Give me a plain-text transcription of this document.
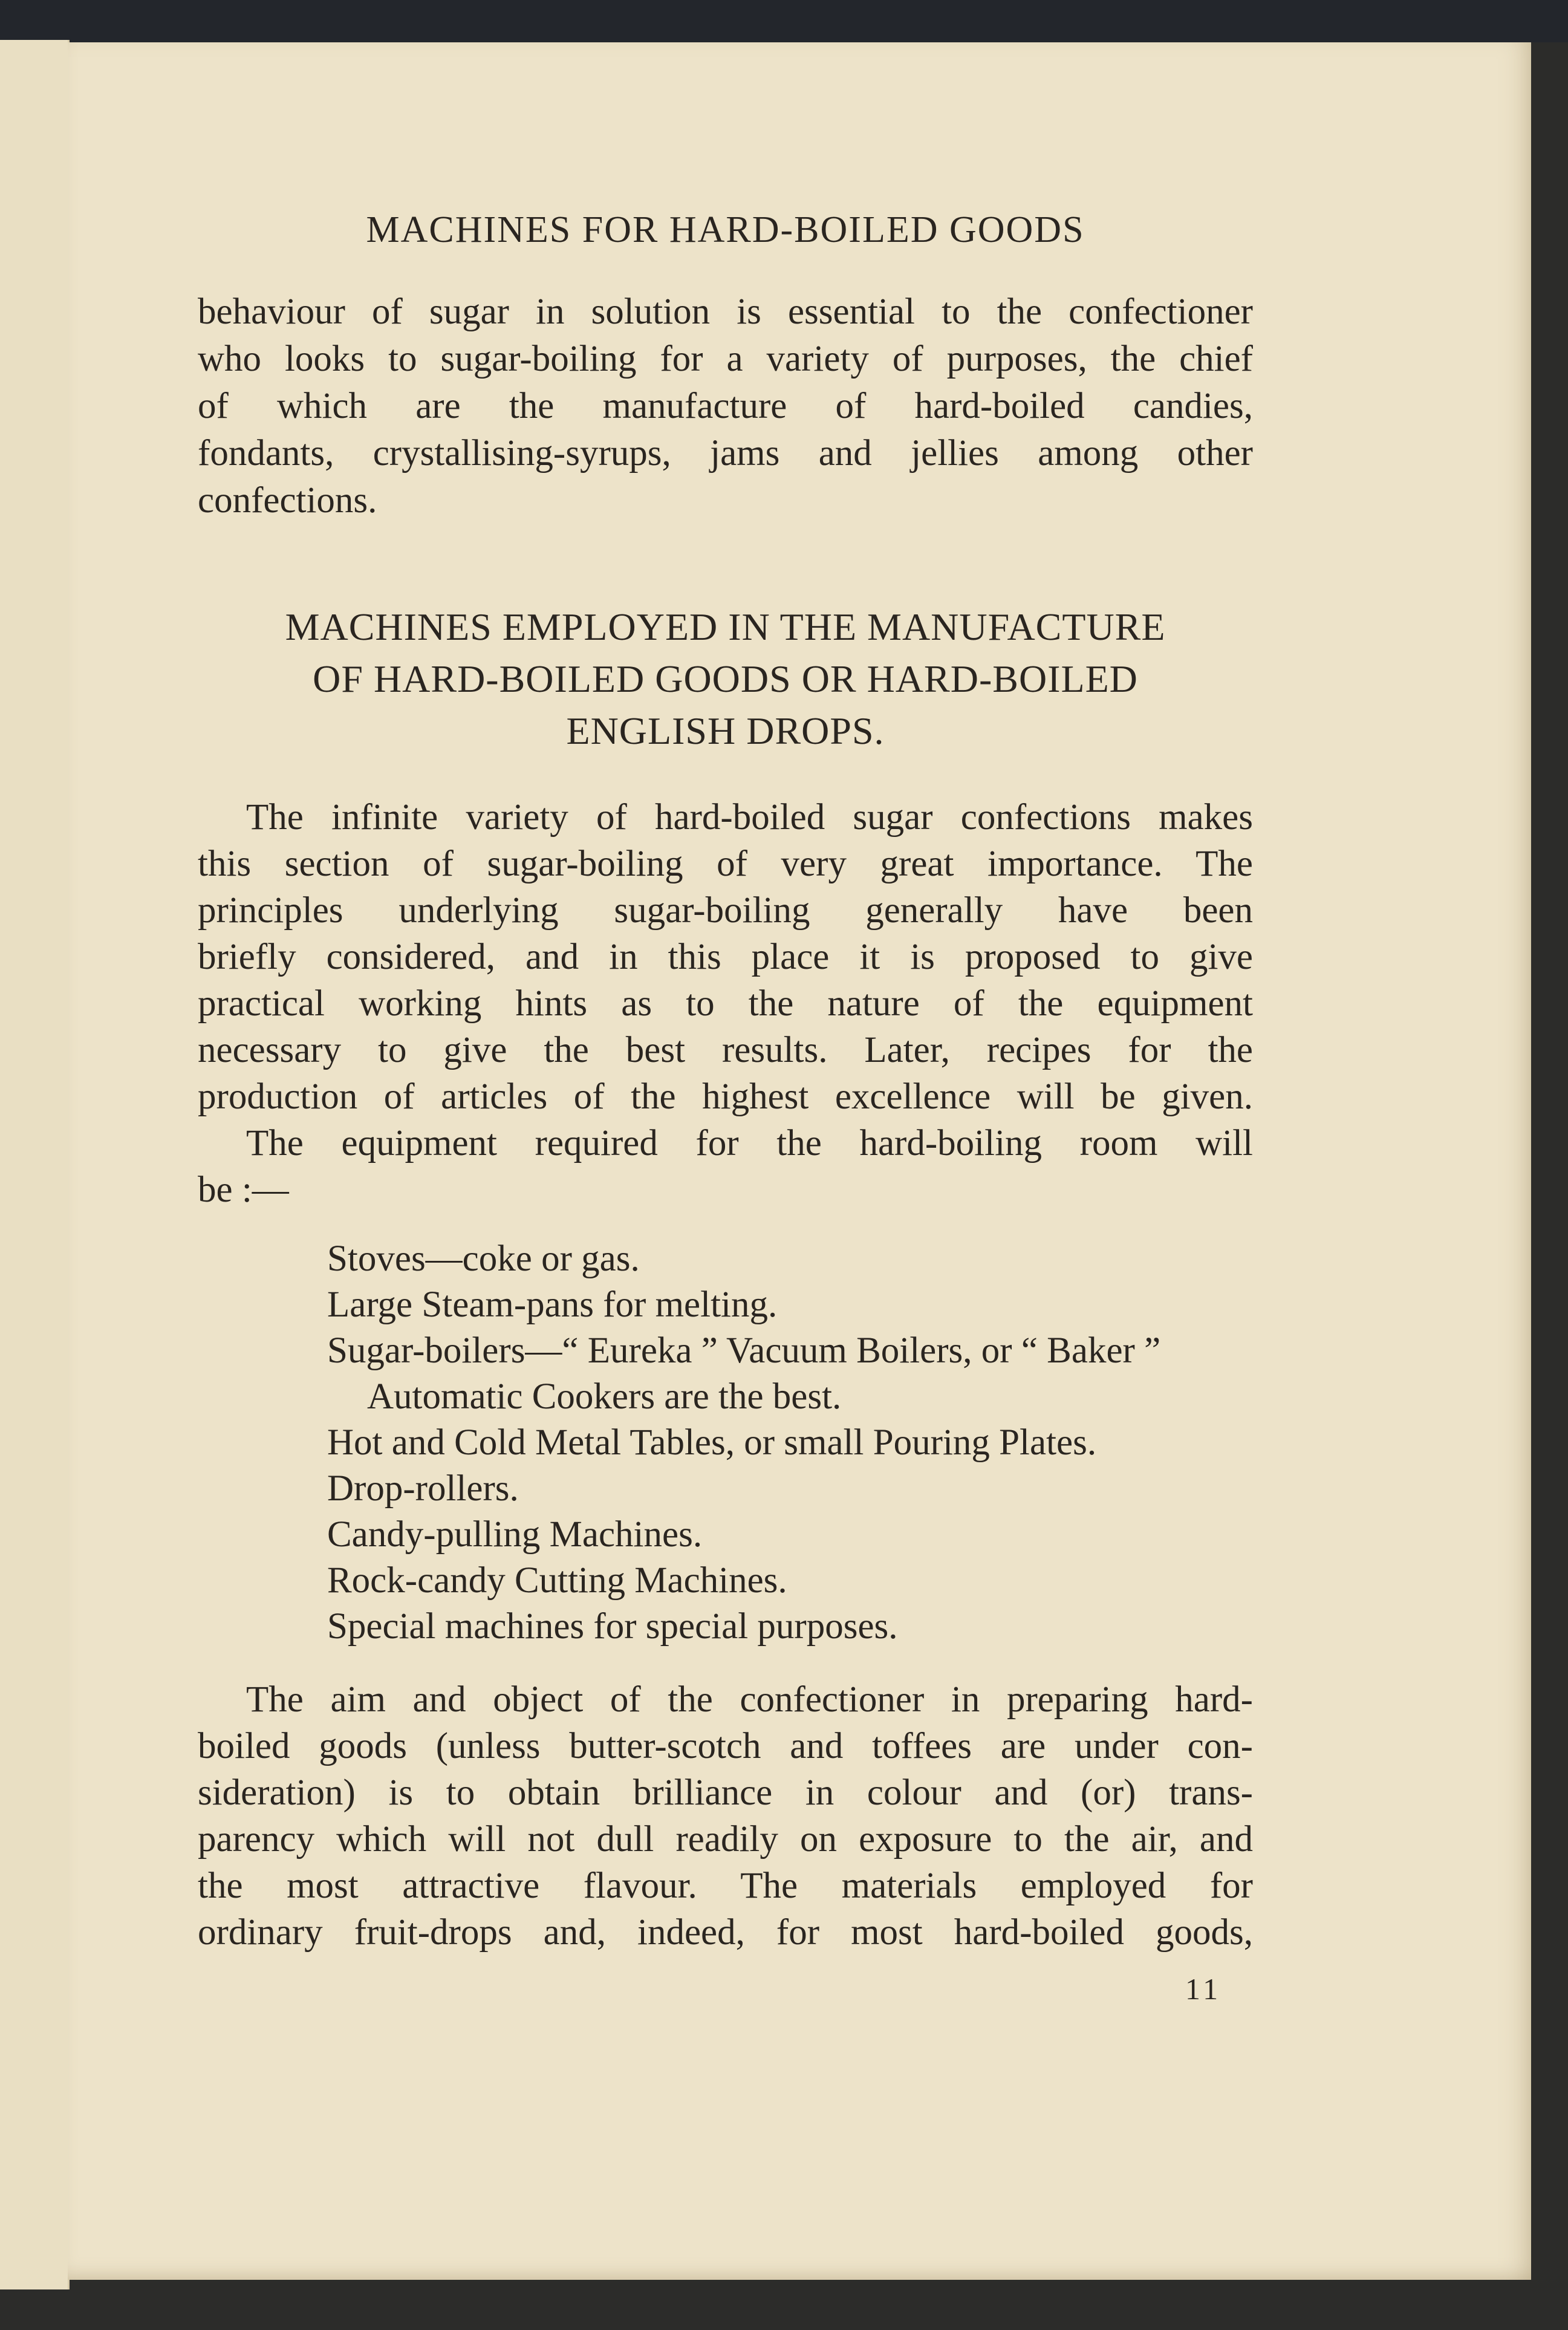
MACHINES FOR HARD-BOILED GOODS
behaviour of sugar in solution is essential to the confectioner
who looks to sugar-boiling for a variety of purposes, the chief
of which are the manufacture of hard-boiled candies,
fondants, crystallising-syrups, jams and jellies among other
confections.
MACHINES EMPLOYED IN THE MANUFACTURE
OF HARD-BOILED GOODS OR HARD-BOILED
ENGLISH DROPS.
The infinite variety of hard-boiled sugar confections makes
this section of sugar-boiling of very great importance. The
principles underlying sugar-boiling generally have been
briefly considered, and in this place it is proposed to give
practical working hints as to the nature of the equipment
necessary to give the best results. Later, recipes for the
production of articles of the highest excellence will be given.
The equipment required for the hard-boiling room will
be :—
Stoves—coke or gas.
Large Steam-pans for melting.
Sugar-boilers—“ Eureka ” Vacuum Boilers, or “ Baker ”
Automatic Cookers are the best.
Hot and Cold Metal Tables, or small Pouring Plates.
Drop-rollers.
Candy-pulling Machines.
Rock-candy Cutting Machines.
Special machines for special purposes.
The aim and object of the confectioner in preparing hard-
boiled goods (unless butter-scotch and toffees are under con-
sideration) is to obtain brilliance in colour and (or) trans-
parency which will not dull readily on exposure to the air, and
the most attractive flavour. The materials employed for
ordinary fruit-drops and, indeed, for most hard-boiled goods,
11
